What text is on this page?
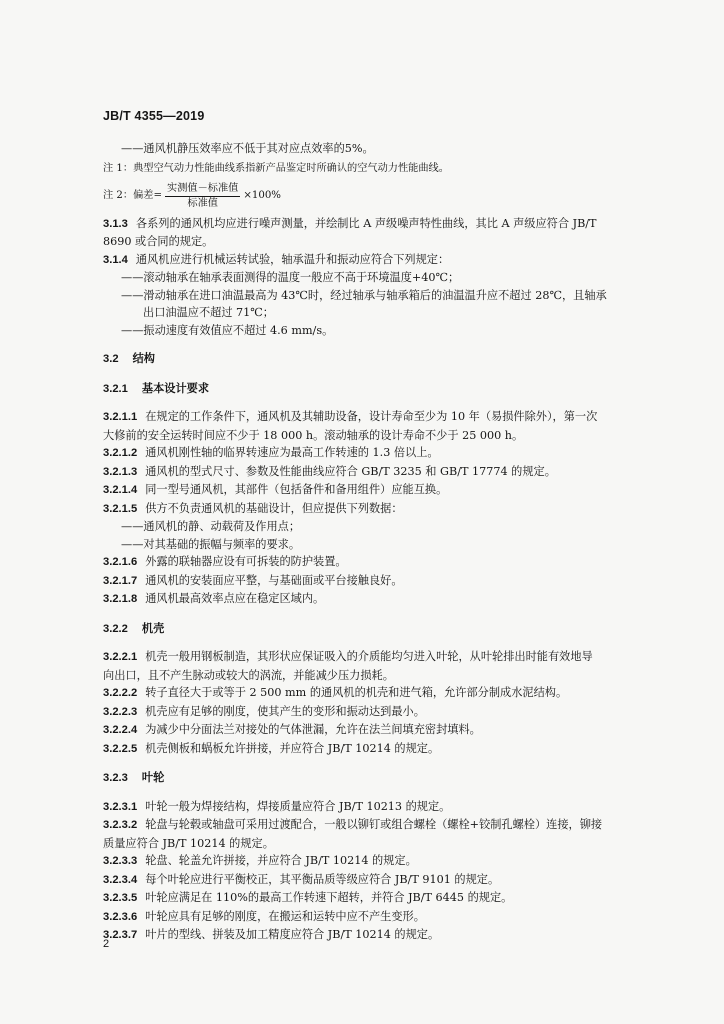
JB/T 4355—2019

——通风机静压效率应不低于其对应点效率的5%。

注 1：典型空气动力性能曲线系指新产品鉴定时所确认的空气动力性能曲线。

注 2：偏差= $\frac{\text{实测值－标准值}}{\text{标准值}} \times 100\%$

3.1.3 各系列的通风机均应进行噪声测量，并绘制比 A 声级噪声特性曲线，其比 A 声级应符合 JB/T

8690 或合同的规定。

3.1.4 通风机应进行机械运转试验，轴承温升和振动应符合下列规定：

——滚动轴承在轴承表面测得的温度一般应不高于环境温度+40℃；

——滑动轴承在进口油温最高为 43℃时，经过轴承与轴承箱后的油温温升应不超过 28℃，且轴承

出口油温应不超过 71℃；

——振动速度有效值应不超过 4.6 mm/s。

3.2 结构

3.2.1 基本设计要求

3.2.1.1 在规定的工作条件下，通风机及其辅助设备，设计寿命至少为 10 年（易损件除外），第一次

大修前的安全运转时间应不少于 18 000 h。滚动轴承的设计寿命不少于 25 000 h。

3.2.1.2 通风机刚性轴的临界转速应为最高工作转速的 1.3 倍以上。

3.2.1.3 通风机的型式尺寸、参数及性能曲线应符合 GB/T 3235 和 GB/T 17774 的规定。

3.2.1.4 同一型号通风机，其部件（包括备件和备用组件）应能互换。

3.2.1.5 供方不负责通风机的基础设计，但应提供下列数据：

——通风机的静、动载荷及作用点；

——对其基础的振幅与频率的要求。

3.2.1.6 外露的联轴器应设有可拆装的防护装置。

3.2.1.7 通风机的安装面应平整，与基础面或平台接触良好。

3.2.1.8 通风机最高效率点应在稳定区域内。

3.2.2 机壳

3.2.2.1 机壳一般用钢板制造，其形状应保证吸入的介质能均匀进入叶轮，从叶轮排出时能有效地导

向出口，且不产生脉动或较大的涡流，并能减少压力损耗。

3.2.2.2 转子直径大于或等于 2 500 mm 的通风机的机壳和进气箱，允许部分制成水泥结构。

3.2.2.3 机壳应有足够的刚度，使其产生的变形和振动达到最小。

3.2.2.4 为减少中分面法兰对接处的气体泄漏，允许在法兰间填充密封填料。

3.2.2.5 机壳侧板和蜗板允许拼接，并应符合 JB/T 10214 的规定。

3.2.3 叶轮

3.2.3.1 叶轮一般为焊接结构，焊接质量应符合 JB/T 10213 的规定。

3.2.3.2 轮盘与轮毂或轴盘可采用过渡配合，一般以铆钉或组合螺栓（螺栓+铰制孔螺栓）连接，铆接

质量应符合 JB/T 10214 的规定。

3.2.3.3 轮盘、轮盖允许拼接，并应符合 JB/T 10214 的规定。

3.2.3.4 每个叶轮应进行平衡校正，其平衡品质等级应符合 JB/T 9101 的规定。

3.2.3.5 叶轮应满足在 110%的最高工作转速下超转，并符合 JB/T 6445 的规定。

3.2.3.6 叶轮应具有足够的刚度，在搬运和运转中应不产生变形。

3.2.3.7 叶片的型线、拼装及加工精度应符合 JB/T 10214 的规定。

2
